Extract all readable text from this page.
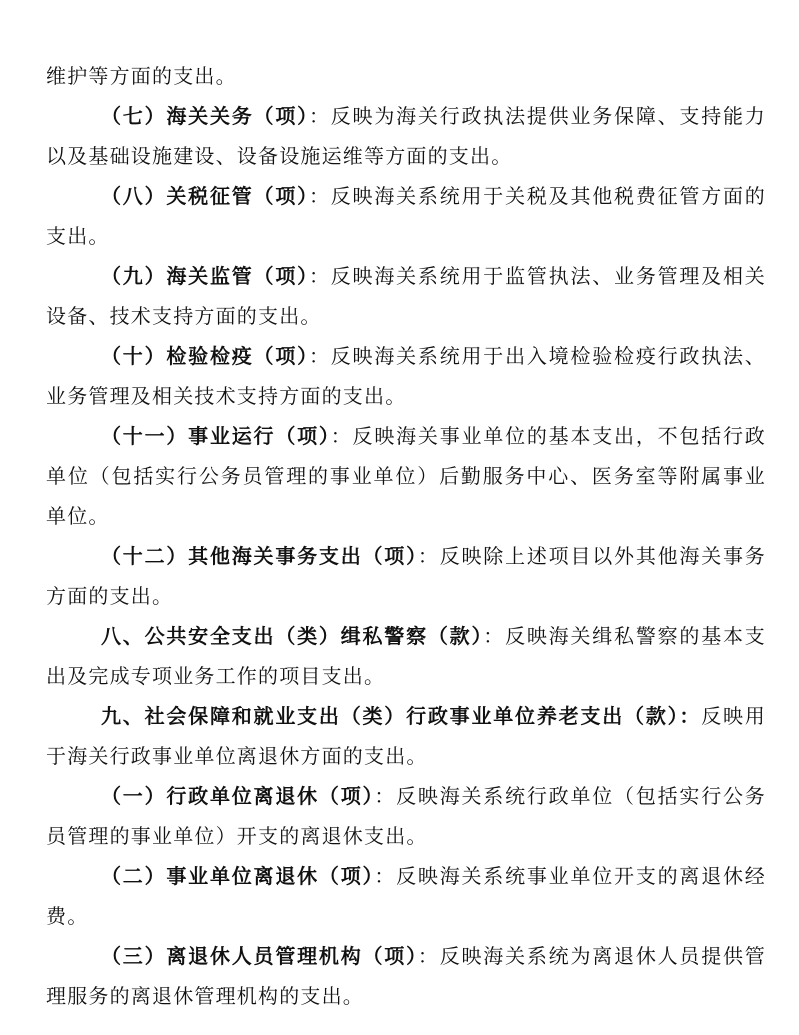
维护等方面的支出。

（七）海关关务（项）：反映为海关行政执法提供业务保障、支持能力以及基础设施建设、设备设施运维等方面的支出。

（八）关税征管（项）：反映海关系统用于关税及其他税费征管方面的支出。

（九）海关监管（项）：反映海关系统用于监管执法、业务管理及相关设备、技术支持方面的支出。

（十）检验检疫（项）：反映海关系统用于出入境检验检疫行政执法、业务管理及相关技术支持方面的支出。

（十一）事业运行（项）：反映海关事业单位的基本支出，不包括行政单位（包括实行公务员管理的事业单位）后勤服务中心、医务室等附属事业单位。

（十二）其他海关事务支出（项）：反映除上述项目以外其他海关事务方面的支出。

八、公共安全支出（类）缉私警察（款）：反映海关缉私警察的基本支出及完成专项业务工作的项目支出。

九、社会保障和就业支出（类）行政事业单位养老支出（款）：反映用于海关行政事业单位离退休方面的支出。

（一）行政单位离退休（项）：反映海关系统行政单位（包括实行公务员管理的事业单位）开支的离退休支出。

（二）事业单位离退休（项）：反映海关系统事业单位开支的离退休经费。

（三）离退休人员管理机构（项）：反映海关系统为离退休人员提供管理服务的离退休管理机构的支出。
